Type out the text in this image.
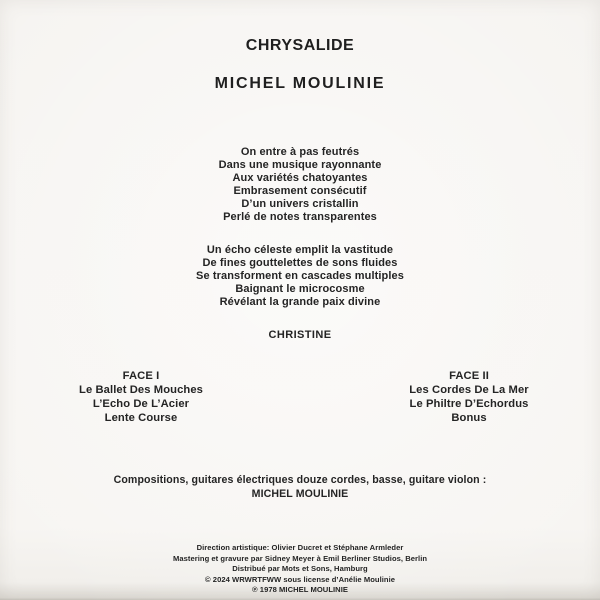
CHRYSALIDE
MICHEL MOULINIE
On entre à pas feutrés
Dans une musique rayonnante
Aux variétés chatoyantes
Embrasement consécutif
D’un univers cristallin
Perlé de notes transparentes
Un écho céleste emplit la vastitude
De fines gouttelettes de sons fluides
Se transforment en cascades multiples
Baignant le microcosme
Révélant la grande paix divine
CHRISTINE
FACE I
Le Ballet Des Mouches
L’Echo De L’Acier
Lente Course
FACE II
Les Cordes De La Mer
Le Philtre D’Echordus
Bonus
Compositions, guitares électriques douze cordes, basse, guitare violon :
MICHEL MOULINIE
Direction artistique: Olivier Ducret et Stéphane Armleder
Mastering et gravure par Sidney Meyer à Emil Berliner Studios, Berlin
Distribué par Mots et Sons, Hamburg
© 2024 WRWRTFWW sous license d’Anélie Moulinie
℗ 1978 MICHEL MOULINIE
